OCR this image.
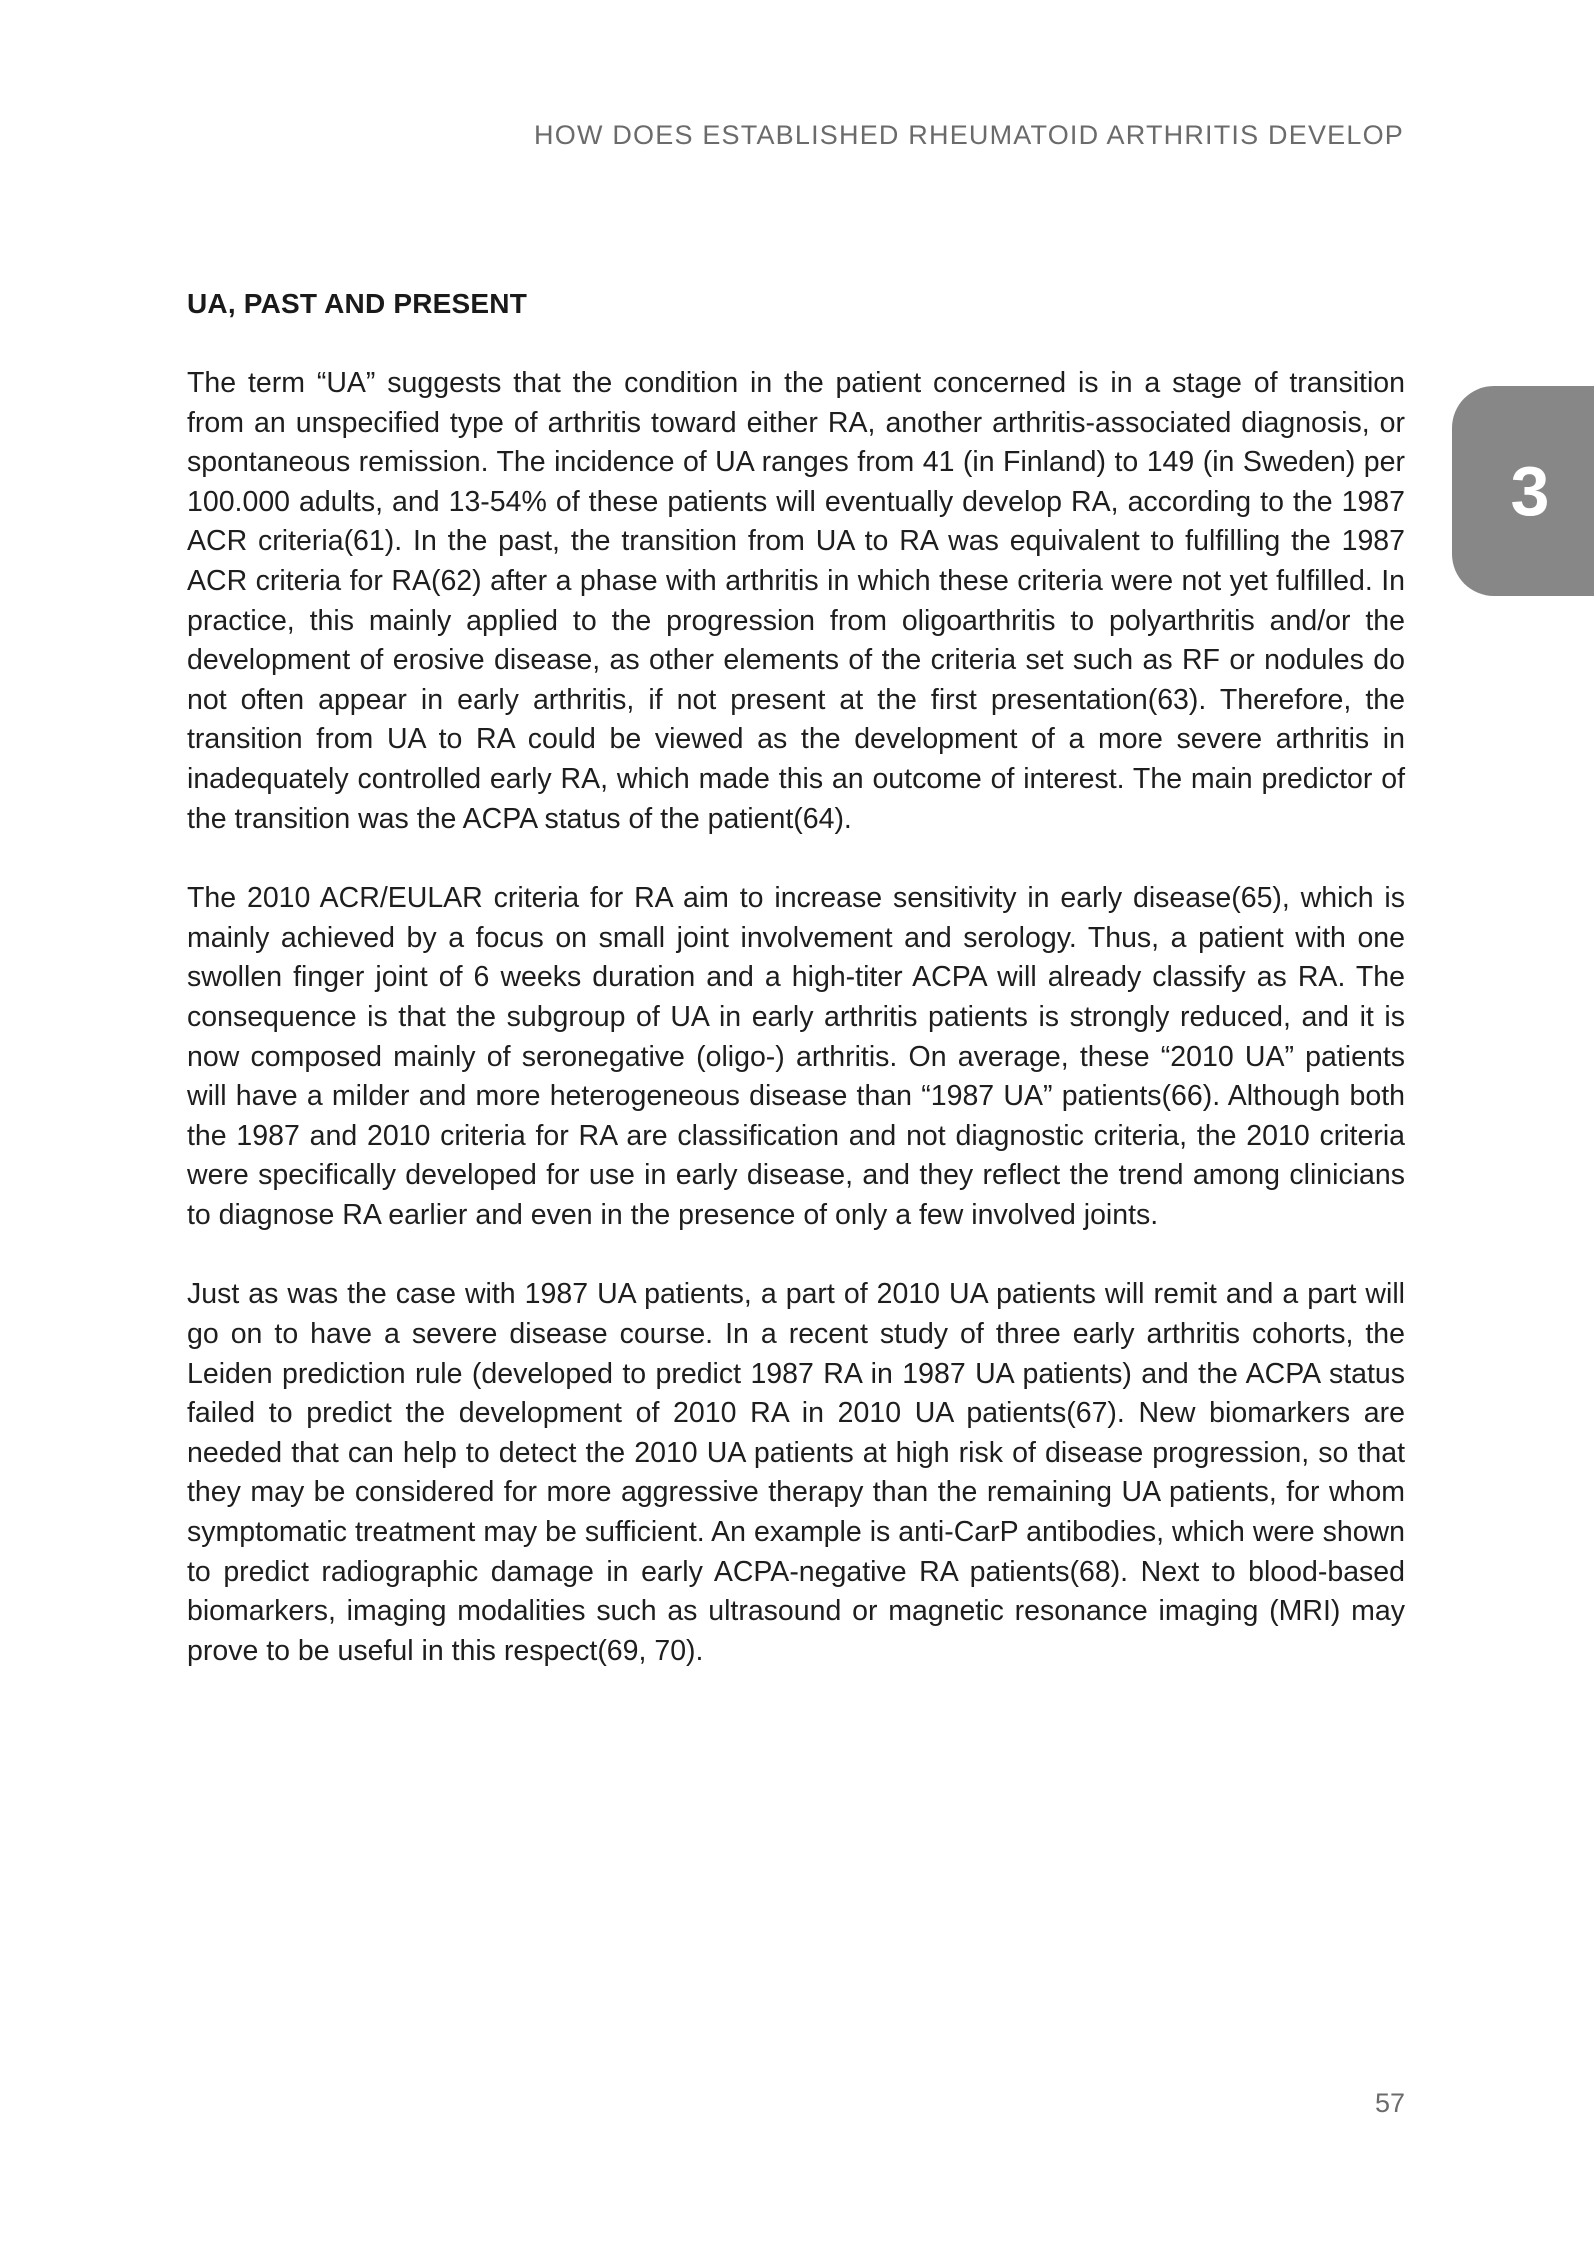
HOW DOES ESTABLISHED RHEUMATOID ARTHRITIS DEVELOP
3
UA, PAST AND PRESENT

The term “UA” suggests that the condition in the patient concerned is in a stage of transition from an unspecified type of arthritis toward either RA, another arthritis-associated diagnosis, or spontaneous remission. The incidence of UA ranges from 41 (in Finland) to 149 (in Sweden) per 100.000 adults, and 13-54% of these patients will eventually develop RA, according to the 1987 ACR criteria(61). In the past, the transition from UA to RA was equivalent to fulfilling the 1987 ACR criteria for RA(62) after a phase with arthritis in which these criteria were not yet fulfilled. In practice, this mainly applied to the progression from oligoarthritis to polyarthritis and/or the development of erosive disease, as other elements of the criteria set such as RF or nodules do not often appear in early arthritis, if not present at the first presentation(63). Therefore, the transition from UA to RA could be viewed as the development of a more severe arthritis in inadequately controlled early RA, which made this an outcome of interest. The main predictor of the transition was the ACPA status of the patient(64).

The 2010 ACR/EULAR criteria for RA aim to increase sensitivity in early disease(65), which is mainly achieved by a focus on small joint involvement and serology. Thus, a patient with one swollen finger joint of 6 weeks duration and a high-titer ACPA will already classify as RA. The consequence is that the subgroup of UA in early arthritis patients is strongly reduced, and it is now composed mainly of seronegative (oligo-) arthritis. On average, these “2010 UA” patients will have a milder and more heterogeneous disease than “1987 UA” patients(66). Although both the 1987 and 2010 criteria for RA are classification and not diagnostic criteria, the 2010 criteria were specifically developed for use in early disease, and they reflect the trend among clinicians to diagnose RA earlier and even in the presence of only a few involved joints.

Just as was the case with 1987 UA patients, a part of 2010 UA patients will remit and a part will go on to have a severe disease course. In a recent study of three early arthritis cohorts, the Leiden prediction rule (developed to predict 1987 RA in 1987 UA patients) and the ACPA status failed to predict the development of 2010 RA in 2010 UA patients(67). New biomarkers are needed that can help to detect the 2010 UA patients at high risk of disease progression, so that they may be considered for more aggressive therapy than the remaining UA patients, for whom symptomatic treatment may be sufficient. An example is anti-CarP antibodies, which were shown to predict radiographic damage in early ACPA-negative RA patients(68). Next to blood-based biomarkers, imaging modalities such as ultrasound or magnetic resonance imaging (MRI) may prove to be useful in this respect(69, 70).

57
